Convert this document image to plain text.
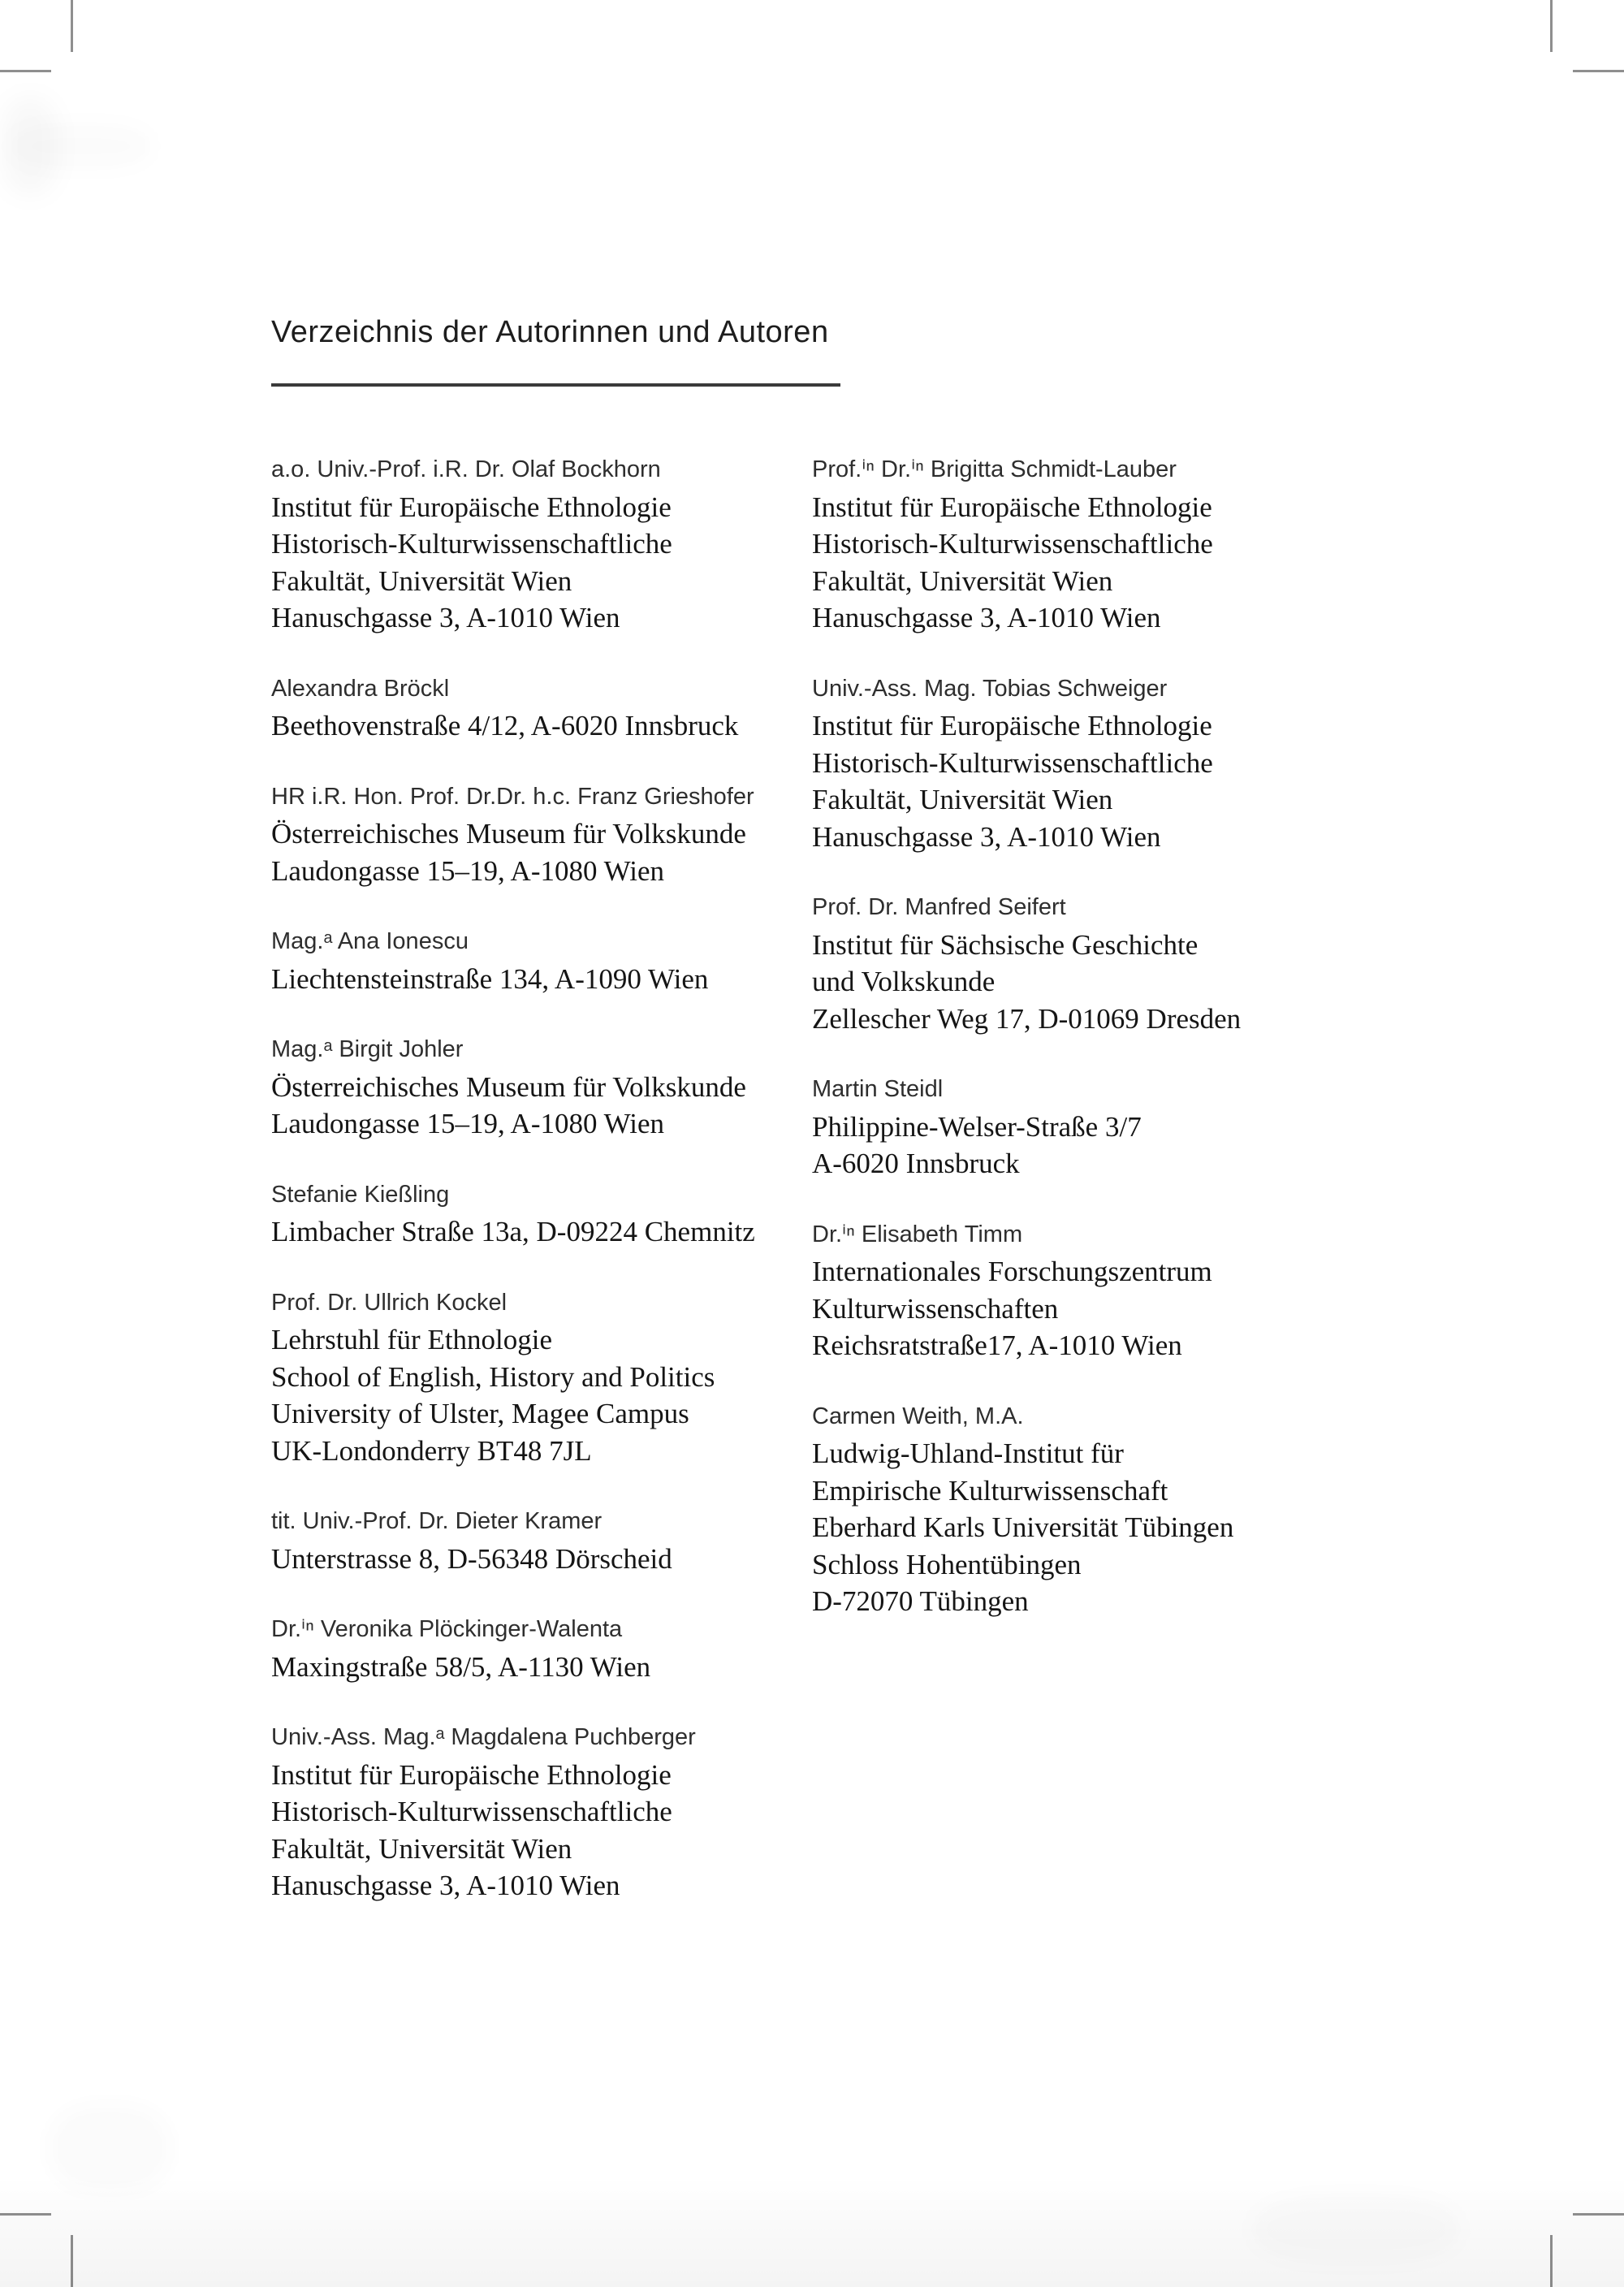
Verzeichnis der Autorinnen und Autoren
a.o. Univ.-Prof. i.R. Dr. Olaf Bockhorn
Institut für Europäische Ethnologie
Historisch-Kulturwissenschaftliche
Fakultät, Universität Wien
Hanuschgasse 3, A-1010 Wien
Alexandra Bröckl
Beethovenstraße 4/12, A-6020 Innsbruck
HR i.R. Hon. Prof. Dr.Dr. h.c. Franz Grieshofer
Österreichisches Museum für Volkskunde
Laudongasse 15–19, A-1080 Wien
Mag.ᵃ Ana Ionescu
Liechtensteinstraße 134, A-1090 Wien
Mag.ᵃ Birgit Johler
Österreichisches Museum für Volkskunde
Laudongasse 15–19, A-1080 Wien
Stefanie Kießling
Limbacher Straße 13a, D-09224 Chemnitz
Prof. Dr. Ullrich Kockel
Lehrstuhl für Ethnologie
School of English, History and Politics
University of Ulster, Magee Campus
UK-Londonderry BT48 7JL
tit. Univ.-Prof. Dr. Dieter Kramer
Unterstrasse 8, D-56348 Dörscheid
Dr.ⁱⁿ Veronika Plöckinger-Walenta
Maxingstraße 58/5, A-1130 Wien
Univ.-Ass. Mag.ᵃ Magdalena Puchberger
Institut für Europäische Ethnologie
Historisch-Kulturwissenschaftliche
Fakultät, Universität Wien
Hanuschgasse 3, A-1010 Wien
Prof.ⁱⁿ Dr.ⁱⁿ Brigitta Schmidt-Lauber
Institut für Europäische Ethnologie
Historisch-Kulturwissenschaftliche
Fakultät, Universität Wien
Hanuschgasse 3, A-1010 Wien
Univ.-Ass. Mag. Tobias Schweiger
Institut für Europäische Ethnologie
Historisch-Kulturwissenschaftliche
Fakultät, Universität Wien
Hanuschgasse 3, A-1010 Wien
Prof. Dr. Manfred Seifert
Institut für Sächsische Geschichte
und Volkskunde
Zellescher Weg 17, D-01069 Dresden
Martin Steidl
Philippine-Welser-Straße 3/7
A-6020 Innsbruck
Dr.ⁱⁿ Elisabeth Timm
Internationales Forschungszentrum
Kulturwissenschaften
Reichsratstraße17, A-1010 Wien
Carmen Weith, M.A.
Ludwig-Uhland-Institut für
Empirische Kulturwissenschaft
Eberhard Karls Universität Tübingen
Schloss Hohentübingen
D-72070 Tübingen
